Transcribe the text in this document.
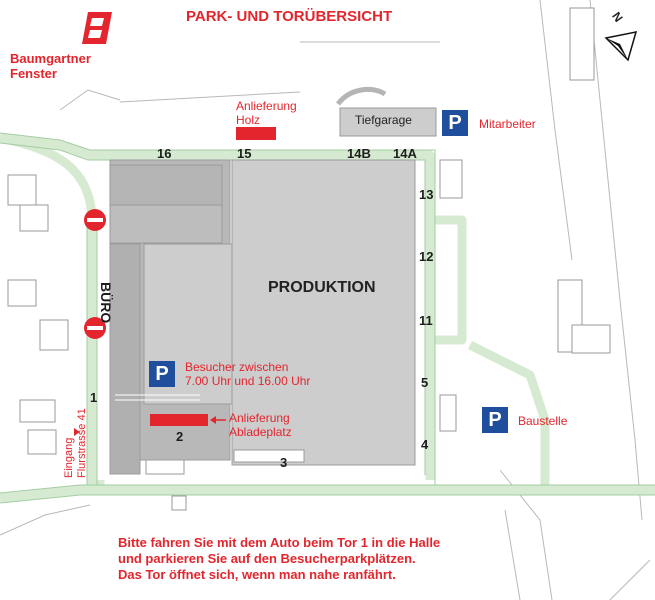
PARK- UND TORÜBERSICHT
Baumgartner
Fenster
N
PRODUKTION
BÜRO
Tiefgarage
16	15	14B 14A
13
12
11
5
4
3
2
1
P	Mitarbeiter
P	Besucher zwischen
7.00 Uhr und 16.00 Uhr
P	Baustelle
Anlieferung
Holz
Anlieferung
Abladeplatz
Eingang
Flurstrasse 41
Bitte fahren Sie mit dem Auto beim Tor 1 in die Halle
und parkieren Sie auf den Besucherparkplätzen.
Das Tor öffnet sich, wenn man nahe ranfährt.
